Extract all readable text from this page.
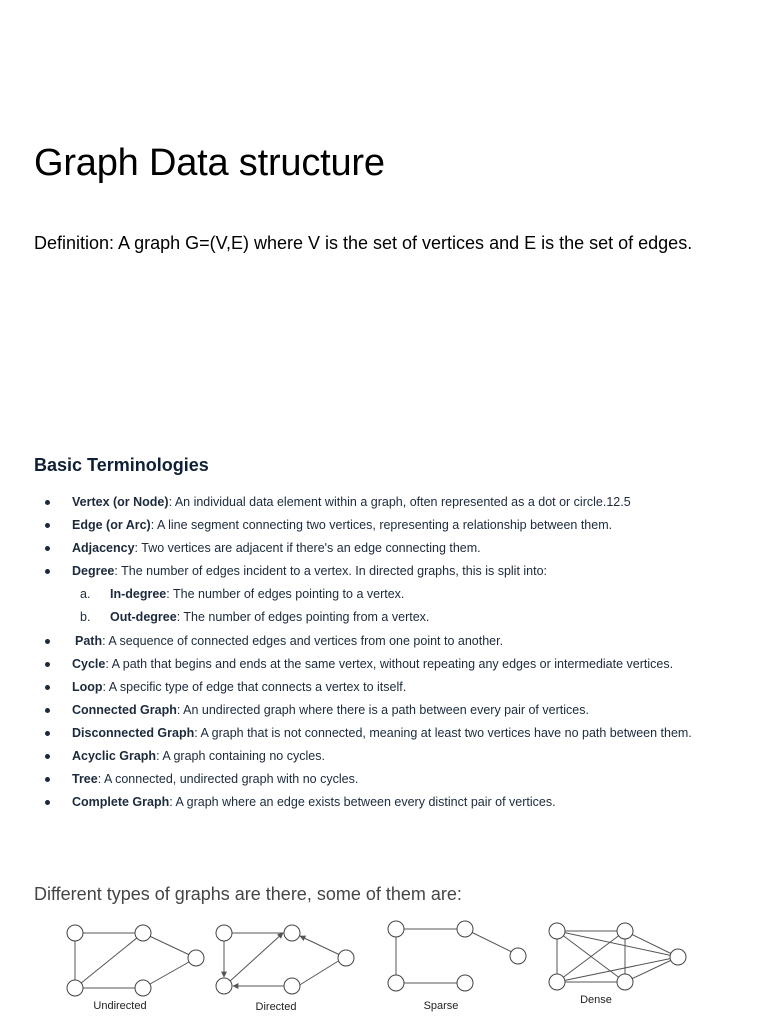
Graph Data structure

Definition: A graph G=(V,E) where V is the set of vertices and E is the set of edges.

Basic Terminologies
Vertex (or Node): An individual data element within a graph, often represented as a dot or circle.12.5
Edge (or Arc): A line segment connecting two vertices, representing a relationship between them.
Adjacency: Two vertices are adjacent if there's an edge connecting them.
Degree: The number of edges incident to a vertex. In directed graphs, this is split into:
a. In-degree: The number of edges pointing to a vertex.
b. Out-degree: The number of edges pointing from a vertex.
Path: A sequence of connected edges and vertices from one point to another.
Cycle: A path that begins and ends at the same vertex, without repeating any edges or intermediate vertices.
Loop: A specific type of edge that connects a vertex to itself.
Connected Graph: An undirected graph where there is a path between every pair of vertices.
Disconnected Graph: A graph that is not connected, meaning at least two vertices have no path between them.
Acyclic Graph: A graph containing no cycles.
Tree: A connected, undirected graph with no cycles.
Complete Graph: A graph where an edge exists between every distinct pair of vertices.
Different types of graphs are there, some of them are:
Undirected	Directed	Sparse	Dense
